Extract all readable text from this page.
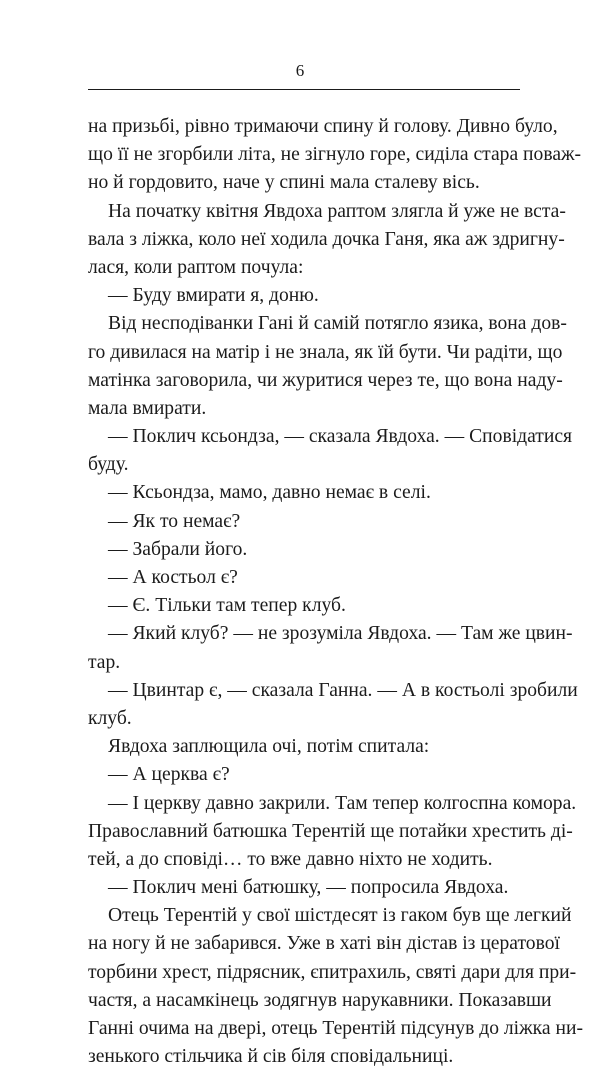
6
на призьбі, рівно тримаючи спину й голову. Дивно було,
що її не згорбили літа, не зігнуло горе, сиділа стара поваж-
но й гордовито, наче у спині мала сталеву вісь.
На початку квітня Явдоха раптом злягла й уже не вста-
вала з ліжка, коло неї ходила дочка Ганя, яка аж здригну-
лася, коли раптом почула:
— Буду вмирати я, доню.
Від несподіванки Гані й самій потягло язика, вона дов-
го дивилася на матір і не знала, як їй бути. Чи радіти, що
матінка заговорила, чи журитися через те, що вона наду-
мала вмирати.
— Поклич ксьондза, — сказала Явдоха. — Сповідатися
буду.
— Ксьондза, мамо, давно немає в селі.
— Як то немає?
— Забрали його.
— А костьол є?
— Є. Тільки там тепер клуб.
— Який клуб? — не зрозуміла Явдоха. — Там же цвин-
тар.
— Цвинтар є, — сказала Ганна. — А в костьолі зробили
клуб.
Явдоха заплющила очі, потім спитала:
— А церква є?
— І церкву давно закрили. Там тепер колгоспна комора.
Православний батюшка Терентій ще потайки хрестить ді-
тей, а до сповіді… то вже давно ніхто не ходить.
— Поклич мені батюшку, — попросила Явдоха.
Отець Терентій у свої шістдесят із гаком був ще легкий
на ногу й не забарився. Уже в хаті він дістав із цератової
торбини хрест, підрясник, єпитрахиль, святі дари для при-
частя, а насамкінець зодягнув нарукавники. Показавши
Ганні очима на двері, отець Терентій підсунув до ліжка ни-
зенького стільчика й сів біля сповідальниці.
